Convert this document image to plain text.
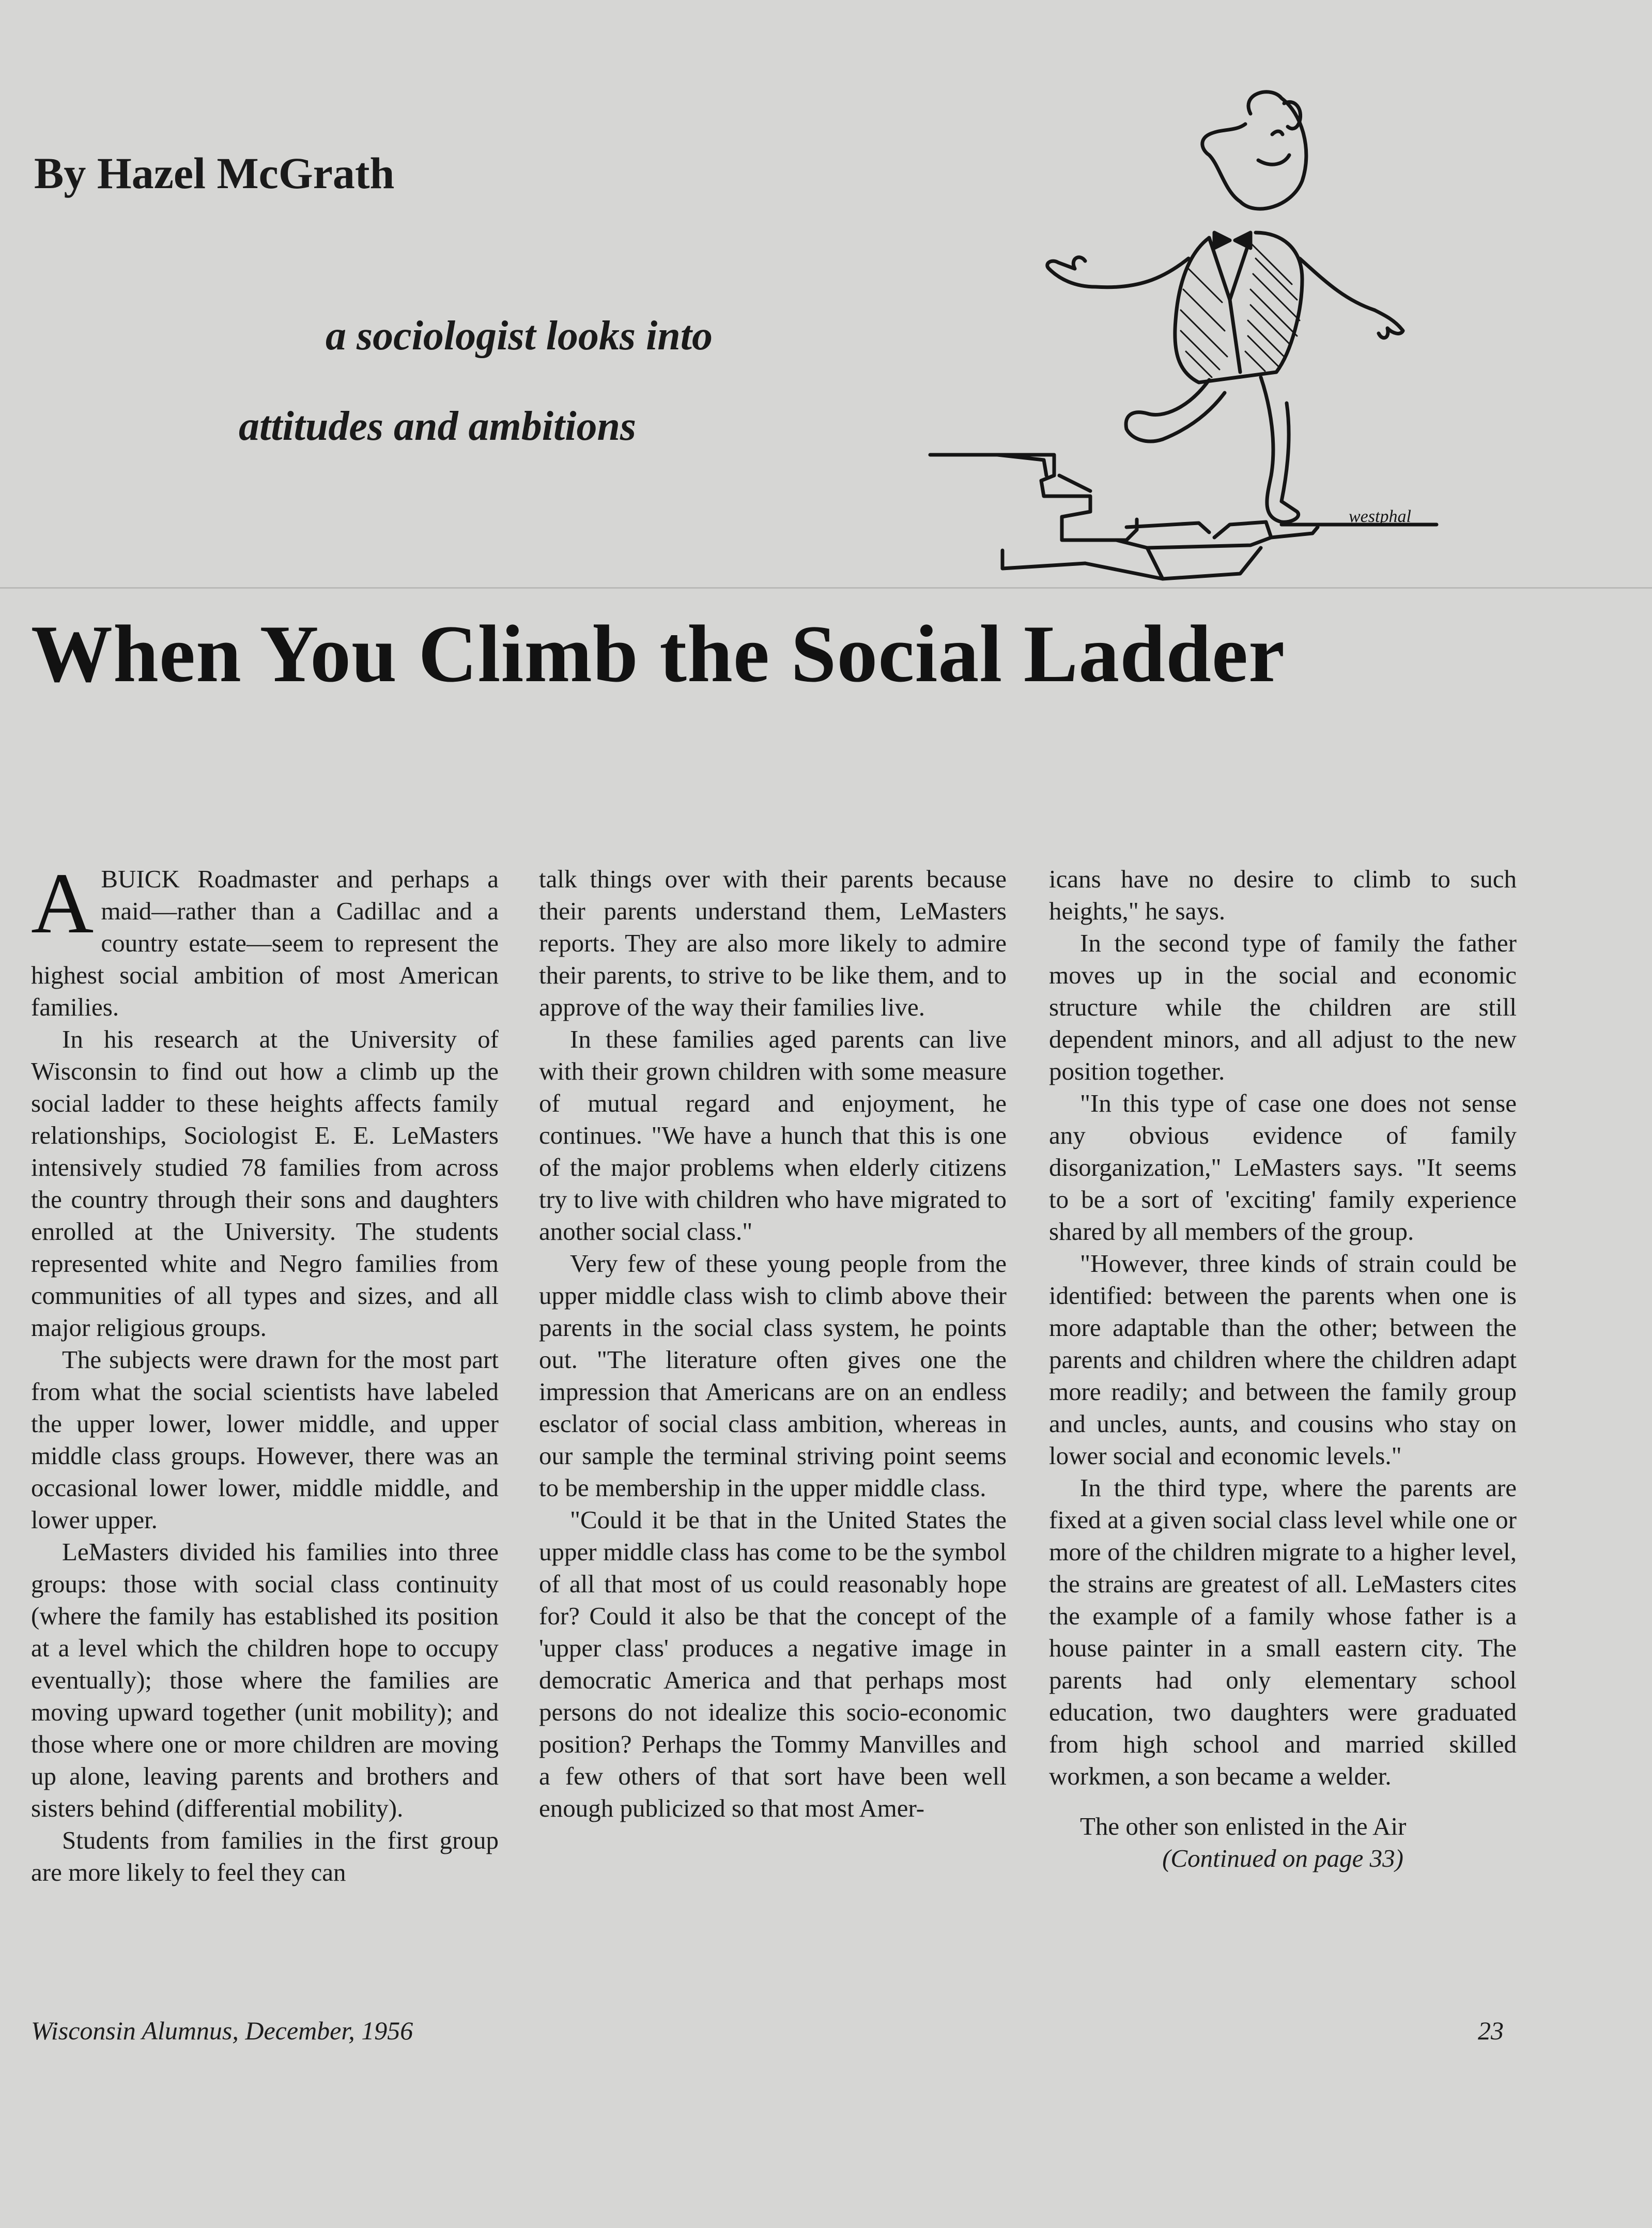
By Hazel McGrath
a sociologist looks into
attitudes and ambitions
westphal
When You Climb the Social Ladder

ABUICK Roadmaster and perhaps a maid—rather than a Cadillac and a country estate—seem to represent the highest social ambition of most American families.

In his research at the University of Wisconsin to find out how a climb up the social ladder to these heights affects family relationships, Sociologist E. E. LeMasters intensively studied 78 families from across the country through their sons and daughters enrolled at the University. The students represented white and Negro families from communities of all types and sizes, and all major religious groups.

The subjects were drawn for the most part from what the social scientists have labeled the upper lower, lower middle, and upper middle class groups. However, there was an occasional lower lower, middle middle, and lower upper.

LeMasters divided his families into three groups: those with social class continuity (where the family has established its position at a level which the children hope to occupy eventually); those where the families are moving upward together (unit mobility); and those where one or more children are moving up alone, leaving parents and brothers and sisters behind (differential mobility).

Students from families in the first group are more likely to feel they can

talk things over with their parents because their parents understand them, LeMasters reports. They are also more likely to admire their parents, to strive to be like them, and to approve of the way their families live.

In these families aged parents can live with their grown children with some measure of mutual regard and enjoyment, he continues. "We have a hunch that this is one of the major problems when elderly citizens try to live with children who have migrated to another social class."

Very few of these young people from the upper middle class wish to climb above their parents in the social class system, he points out. "The literature often gives one the impression that Americans are on an endless esclator of social class ambition, whereas in our sample the terminal striving point seems to be membership in the upper middle class.

"Could it be that in the United States the upper middle class has come to be the symbol of all that most of us could reasonably hope for? Could it also be that the concept of the 'upper class' produces a negative image in democratic America and that perhaps most persons do not idealize this socio-economic position? Perhaps the Tommy Manvilles and a few others of that sort have been well enough publicized so that most Amer-

icans have no desire to climb to such heights," he says.

In the second type of family the father moves up in the social and economic structure while the children are still dependent minors, and all adjust to the new position together.

"In this type of case one does not sense any obvious evidence of family disorganization," LeMasters says. "It seems to be a sort of 'exciting' family experience shared by all members of the group.

"However, three kinds of strain could be identified: between the parents when one is more adaptable than the other; between the parents and children where the children adapt more readily; and between the family group and uncles, aunts, and cousins who stay on lower social and economic levels."

In the third type, where the parents are fixed at a given social class level while one or more of the children migrate to a higher level, the strains are greatest of all. LeMasters cites the example of a family whose father is a house painter in a small eastern city. The parents had only elementary school education, two daughters were graduated from high school and married skilled workmen, a son became a welder.

The other son enlisted in the Air

(Continued on page 33)

Wisconsin Alumnus, December, 1956	23
